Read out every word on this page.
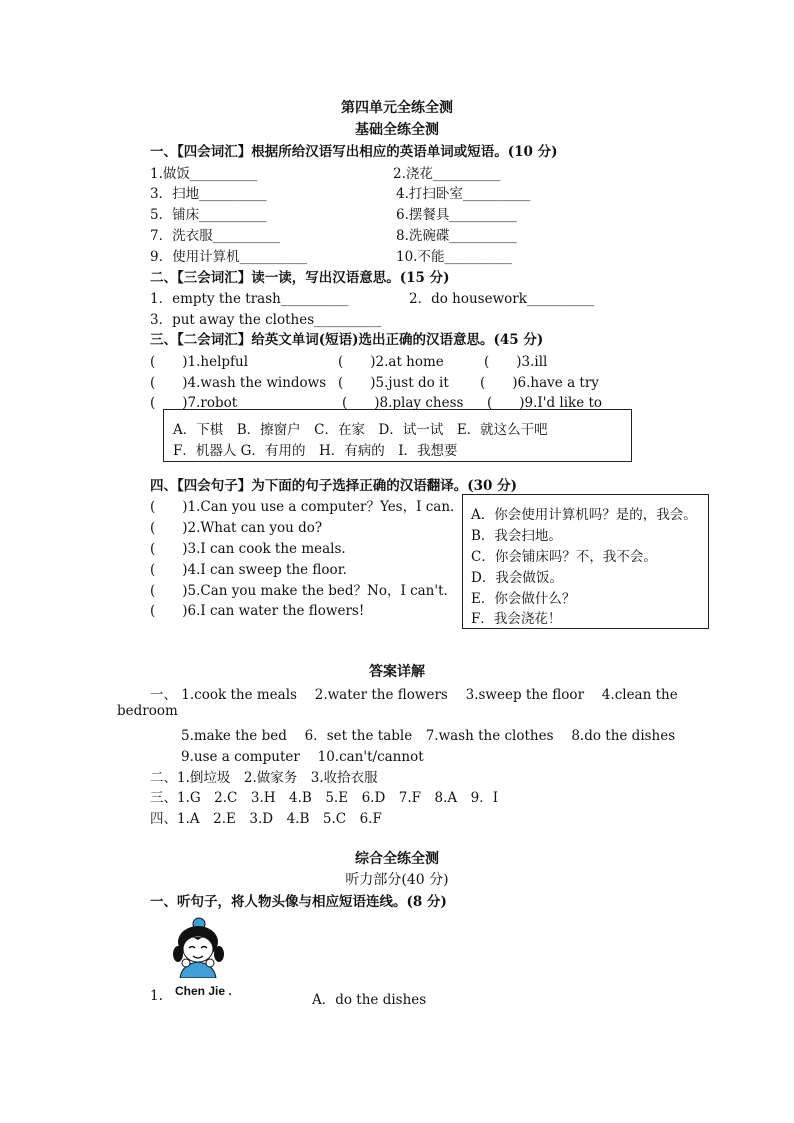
第四单元全练全测
基础全练全测
一、【四会词汇】根据所给汉语写出相应的英语单词或短语。(10 分)
1.做饭__________	2.浇花__________
3．扫地__________	4.打扫卧室__________
5．铺床__________	6.摆餐具__________
7．洗衣服__________	8.洗碗碟__________
9．使用计算机__________	10.不能__________
二、【三会词汇】读一读，写出汉语意思。(15 分)
1．empty the trash__________	2．do housework__________
3．put away the clothes__________
三、【二会词汇】给英文单词(短语)选出正确的汉语意思。(45 分)
(　　)1.helpful	(　　)2.at home	(　　)3.ill
(　　)4.wash the windows (　　)5.just do it (　　)6.have a try
(　　)7.robot	(　　)8.play chess (　　)9.I'd like to
A．下棋　B．擦窗户　C．在家　D．试一试　E．就这么干吧
F．机器人 G．有用的　H．有病的　I．我想要
四、【四会句子】为下面的句子选择正确的汉语翻译。(30 分)
(　　)1.Can you use a computer？Yes，I can.
(　　)2.What can you do?
(　　)3.I can cook the meals.
(　　)4.I can sweep the floor.
(　　)5.Can you make the bed？No，I can't.
(　　)6.I can water the flowers!
A．你会使用计算机吗？是的，我会。
B．我会扫地。
C．你会铺床吗？不，我不会。
D．我会做饭。
E．你会做什么？
F．我会浇花！
答案详解
一、 1.cook the meals　 2.water the flowers　 3.sweep the floor　 4.clean the
bedroom
5.make the bed　 6．set the table　7.wash the clothes　 8.do the dishes
9.use a computer　 10.can't/cannot
二、1.倒垃圾　2.做家务　3.收拾衣服
三、1.G　2.C　3.H　4.B　5.E　6.D　7.F　8.A　9．I
四、1.A　2.E　3.D　4.B　5.C　6.F
综合全练全测
听力部分(40 分)
一、听句子，将人物头像与相应短语连线。(8 分)
Chen Jie .
1.	A．do the dishes
